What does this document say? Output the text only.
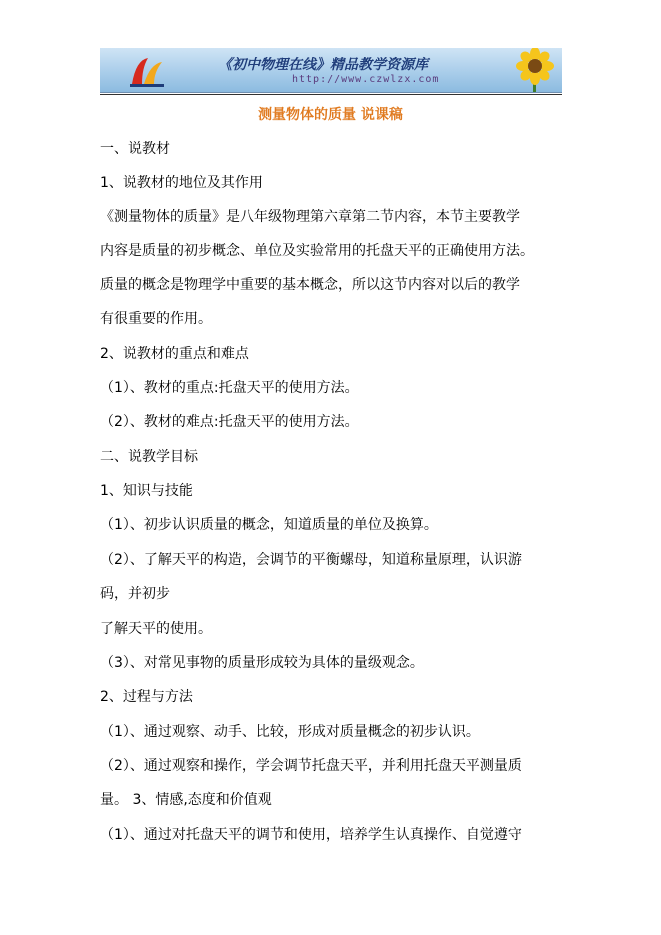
《初中物理在线》精品教学资源库
http://www.czwlzx.com
测量物体的质量 说课稿
一、说教材
1、说教材的地位及其作用
《测量物体的质量》是八年级物理第六章第二节内容，本节主要教学
内容是质量的初步概念、单位及实验常用的托盘天平的正确使用方法。
质量的概念是物理学中重要的基本概念，所以这节内容对以后的教学
有很重要的作用。
2、说教材的重点和难点
（1）、教材的重点:托盘天平的使用方法。
（2）、教材的难点:托盘天平的使用方法。
二、说教学目标
1、知识与技能
（1）、初步认识质量的概念，知道质量的单位及换算。
（2）、了解天平的构造，会调节的平衡螺母，知道称量原理，认识游
码，并初步
了解天平的使用。
（3）、对常见事物的质量形成较为具体的量级观念。
2、过程与方法
（1）、通过观察、动手、比较，形成对质量概念的初步认识。
（2）、通过观察和操作，学会调节托盘天平，并利用托盘天平测量质
量。 3、情感,态度和价值观
（1）、通过对托盘天平的调节和使用，培养学生认真操作、自觉遵守
